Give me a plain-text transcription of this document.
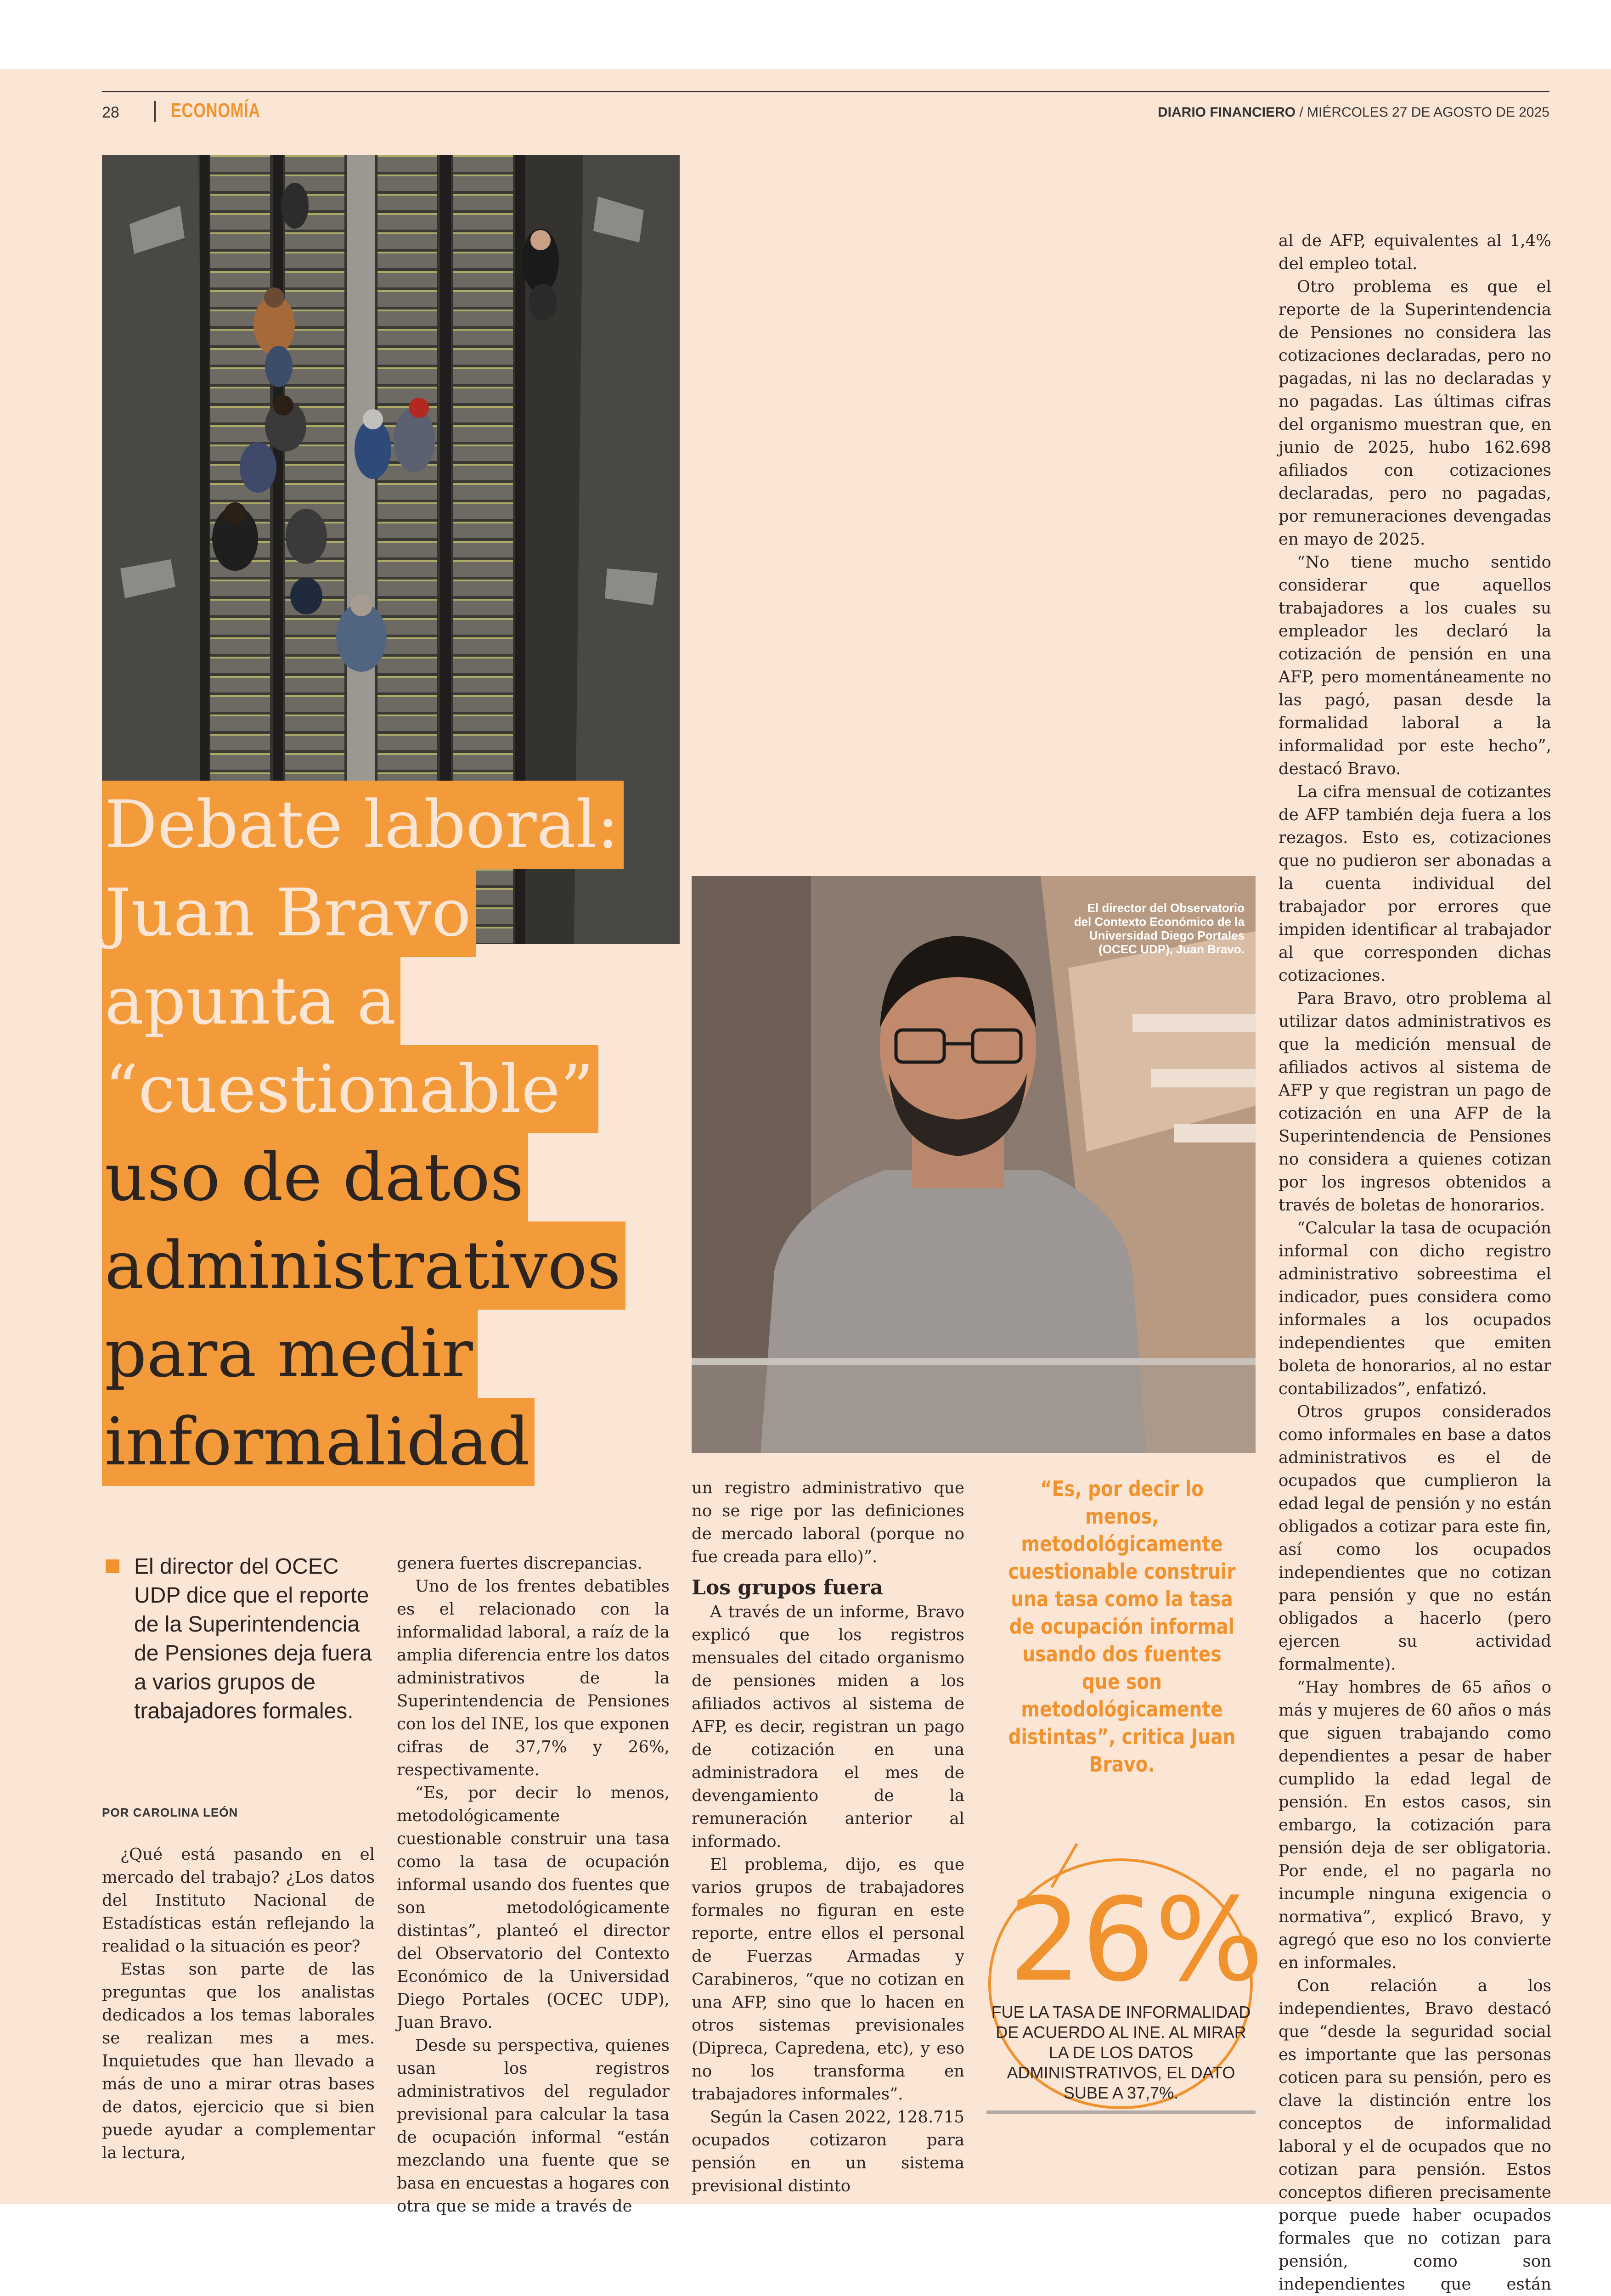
28	ECONOMÍA	DIARIO FINANCIERO / MIÉRCOLES 27 DE AGOSTO DE 2025
El director del Observatorio del Contexto Económico de la Universidad Diego Portales (OCEC UDP), Juan Bravo.
Debate laboral:
Juan Bravo
apunta a
“cuestionable”
uso de datos
administrativos
para medir
informalidad
El director del OCEC UDP dice que el reporte de la Superintendencia de Pensiones deja fuera a varios grupos de trabajadores formales.
POR CAROLINA LEÓN

¿Qué está pasando en el mercado del trabajo? ¿Los datos del Instituto Nacional de Estadísticas están reflejando la realidad o la situación es peor?

Estas son parte de las preguntas que los analistas dedicados a los temas laborales se realizan mes a mes. Inquietudes que han llevado a más de uno a mirar otras bases de datos, ejercicio que si bien puede ayudar a complementar la lectura,

genera fuertes discrepancias.

Uno de los frentes debatibles es el relacionado con la informalidad laboral, a raíz de la amplia diferencia entre los datos administrativos de la Superintendencia de Pensiones con los del INE, los que exponen cifras de 37,7% y 26%, respectivamente.

“Es, por decir lo menos, metodológicamente cuestionable construir una tasa como la tasa de ocupación informal usando dos fuentes que son metodológicamente distintas”, planteó el director del Observatorio del Contexto Económico de la Universidad Diego Portales (OCEC UDP), Juan Bravo.

Desde su perspectiva, quienes usan los registros administrativos del regulador previsional para calcular la tasa de ocupación informal “están mezclando una fuente que se basa en encuestas a hogares con otra que se mide a través de

un registro administrativo que no se rige por las definiciones de mercado laboral (porque no fue creada para ello)”.

Los grupos fuera

A través de un informe, Bravo explicó que los registros mensuales del citado organismo de pensiones miden a los afiliados activos al sistema de AFP, es decir, registran un pago de cotización en una administradora el mes de devengamiento de la remuneración anterior al informado.

El problema, dijo, es que varios grupos de trabajadores formales no figuran en este reporte, entre ellos el personal de Fuerzas Armadas y Carabineros, “que no cotizan en una AFP, sino que lo hacen en otros sistemas previsionales (Dipreca, Capredena, etc), y eso no los transforma en trabajadores informales”.

Según la Casen 2022, 128.715 ocupados cotizaron para pensión en un sistema previsional distinto

“Es, por decir lo menos, metodológicamente cuestionable construir una tasa como la tasa de ocupación informal usando dos fuentes que son metodológicamente distintas”, critica Juan Bravo.
26%
FUE LA TASA DE INFORMALIDAD DE ACUERDO AL INE. AL MIRAR LA DE LOS DATOS ADMINISTRATIVOS, EL DATO SUBE A 37,7%.

al de AFP, equivalentes al 1,4% del empleo total.

Otro problema es que el reporte de la Superintendencia de Pensiones no considera las cotizaciones declaradas, pero no pagadas, ni las no declaradas y no pagadas. Las últimas cifras del organismo muestran que, en junio de 2025, hubo 162.698 afiliados con cotizaciones declaradas, pero no pagadas, por remuneraciones devengadas en mayo de 2025.

“No tiene mucho sentido considerar que aquellos trabajadores a los cuales su empleador les declaró la cotización de pensión en una AFP, pero momentáneamente no las pagó, pasan desde la formalidad laboral a la informalidad por este hecho”, destacó Bravo.

La cifra mensual de cotizantes de AFP también deja fuera a los rezagos. Esto es, cotizaciones que no pudieron ser abonadas a la cuenta individual del trabajador por errores que impiden identificar al trabajador al que corresponden dichas cotizaciones.

Para Bravo, otro problema al utilizar datos administrativos es que la medición mensual de afiliados activos al sistema de AFP y que registran un pago de cotización en una AFP de la Superintendencia de Pensiones no considera a quienes cotizan por los ingresos obtenidos a través de boletas de honorarios.

“Calcular la tasa de ocupación informal con dicho registro administrativo sobreestima el indicador, pues considera como informales a los ocupados independientes que emiten boleta de honorarios, al no estar contabilizados”, enfatizó.

Otros grupos considerados como informales en base a datos administrativos es el de ocupados que cumplieron la edad legal de pensión y no están obligados a cotizar para este fin, así como los ocupados independientes que no cotizan para pensión y que no están obligados a hacerlo (pero ejercen su actividad formalmente).

“Hay hombres de 65 años o más y mujeres de 60 años o más que siguen trabajando como dependientes a pesar de haber cumplido la edad legal de pensión. En estos casos, sin embargo, la cotización para pensión deja de ser obligatoria. Por ende, el no pagarla no incumple ninguna exigencia o normativa”, explicó Bravo, y agregó que eso no los convierte en informales.

Con relación a los independientes, Bravo destacó que “desde la seguridad social es importante que las personas coticen para su pensión, pero es clave la distinción entre los conceptos de informalidad laboral y el de ocupados que no cotizan para pensión. Estos conceptos difieren precisamente porque puede haber ocupados formales que no cotizan para pensión, como son independientes que están
